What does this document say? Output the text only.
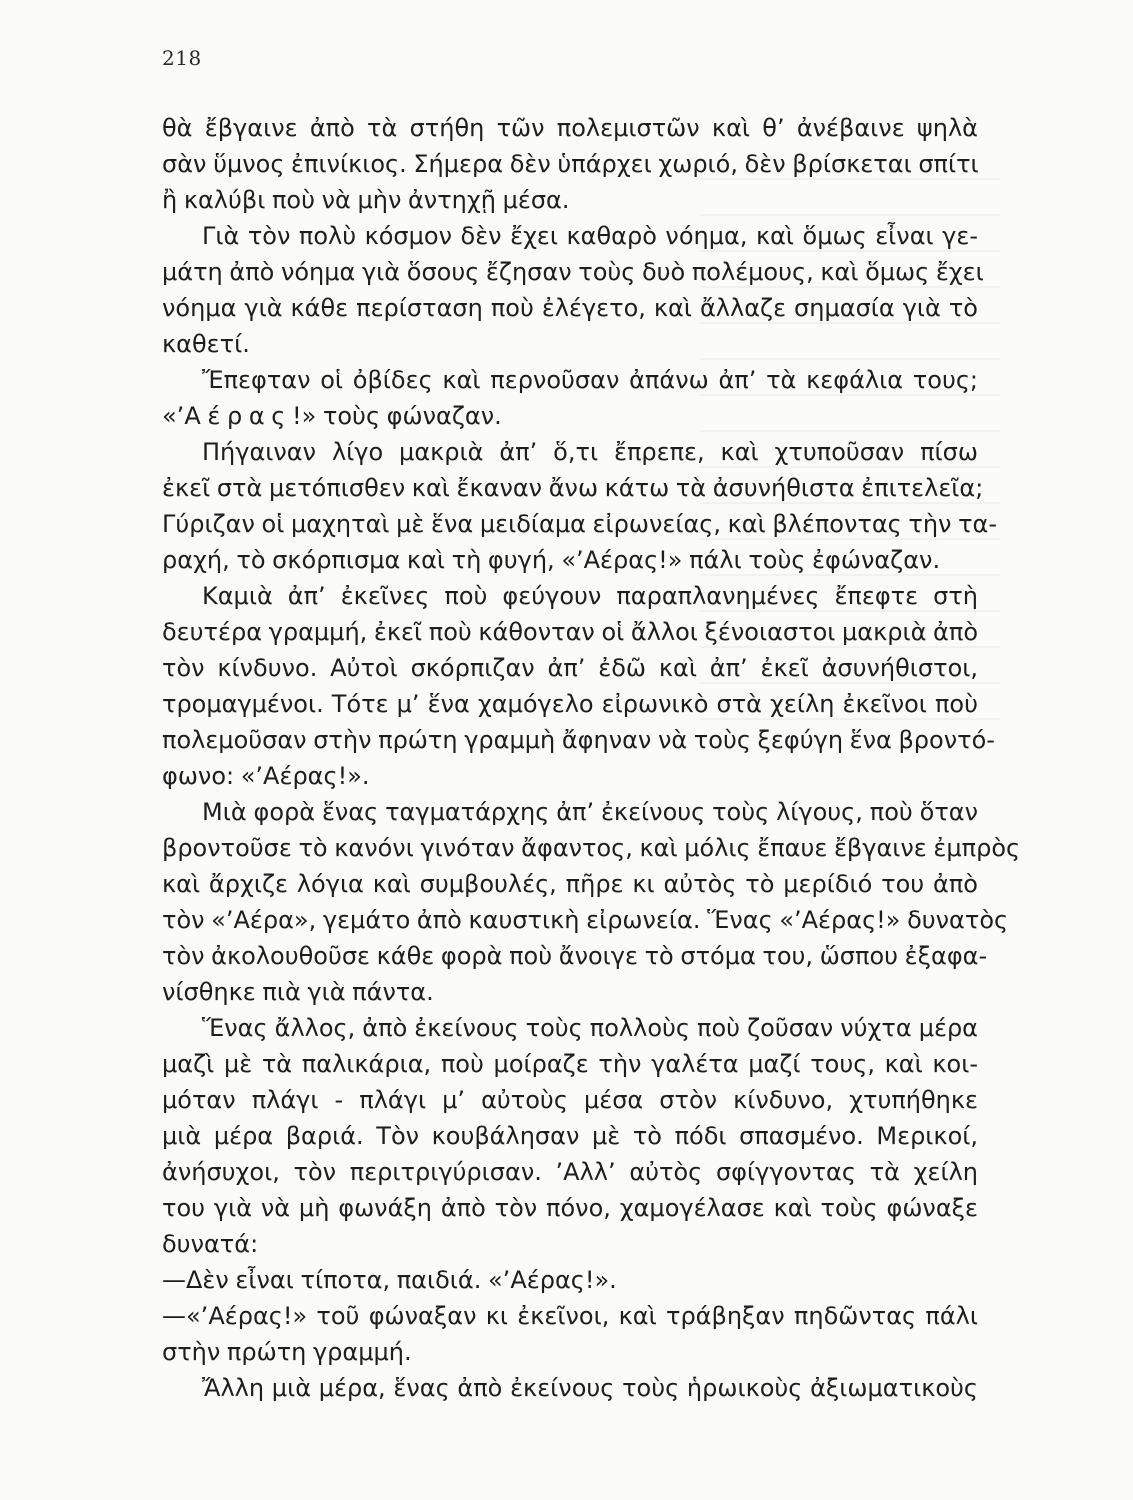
218
θὰ ἔβγαινε ἀπὸ τὰ στήθη τῶν πολεμιστῶν καὶ θ’ ἀνέβαινε ψηλὰ
σὰν ὕμνος ἐπινίκιος. Σήμερα δὲν ὑπάρχει χωριό, δὲν βρίσκεται σπίτι
ἢ καλύβι ποὺ νὰ μὴν ἀντηχῇ μέσα.
Γιὰ τὸν πολὺ κόσμον δὲν ἔχει καθαρὸ νόημα, καὶ ὅμως εἶναι γε-
μάτη ἀπὸ νόημα γιὰ ὅσους ἔζησαν τοὺς δυὸ πολέμους, καὶ ὅμως ἔχει
νόημα γιὰ κάθε περίσταση ποὺ ἐλέγετο, καὶ ἄλλαζε σημασία γιὰ τὸ
καθετί.
Ἔπεφταν οἱ ὀβίδες καὶ περνοῦσαν ἀπάνω ἀπ’ τὰ κεφάλια τους;
«’Α έ ρ α ς !» τοὺς φώναζαν.
Πήγαιναν λίγο μακριὰ ἀπ’ ὅ,τι ἔπρεπε, καὶ χτυποῦσαν πίσω
ἐκεῖ στὰ μετόπισθεν καὶ ἔκαναν ἄνω κάτω τὰ ἀσυνήθιστα ἐπιτελεῖα;
Γύριζαν οἱ μαχηταὶ μὲ ἕνα μειδίαμα εἰρωνείας, καὶ βλέποντας τὴν τα-
ραχή, τὸ σκόρπισμα καὶ τὴ φυγή, «’Αέρας!» πάλι τοὺς ἐφώναζαν.
Καμιὰ ἀπ’ ἐκεῖνες ποὺ φεύγουν παραπλανημένες ἔπεφτε στὴ
δευτέρα γραμμή, ἐκεῖ ποὺ κάθονταν οἱ ἄλλοι ξένοιαστοι μακριὰ ἀπὸ
τὸν κίνδυνο. Αὐτοὶ σκόρπιζαν ἀπ’ ἐδῶ καὶ ἀπ’ ἐκεῖ ἀσυνήθιστοι,
τρομαγμένοι. Τότε μ’ ἕνα χαμόγελο εἰρωνικὸ στὰ χείλη ἐκεῖνοι ποὺ
πολεμοῦσαν στὴν πρώτη γραμμὴ ἄφηναν νὰ τοὺς ξεφύγη ἕνα βροντό-
φωνο: «’Αέρας!».
Μιὰ φορὰ ἕνας ταγματάρχης ἀπ’ ἐκείνους τοὺς λίγους, ποὺ ὅταν
βροντοῦσε τὸ κανόνι γινόταν ἄφαντος, καὶ μόλις ἔπαυε ἔβγαινε ἐμπρὸς
καὶ ἄρχιζε λόγια καὶ συμβουλές, πῆρε κι αὐτὸς τὸ μερίδιό του ἀπὸ
τὸν «’Αέρα», γεμάτο ἀπὸ καυστικὴ εἰρωνεία. Ἕνας «’Αέρας!» δυνατὸς
τὸν ἀκολουθοῦσε κάθε φορὰ ποὺ ἄνοιγε τὸ στόμα του, ὥσπου ἐξαφα-
νίσθηκε πιὰ γιὰ πάντα.
Ἕνας ἄλλος, ἀπὸ ἐκείνους τοὺς πολλοὺς ποὺ ζοῦσαν νύχτα μέρα
μαζὶ μὲ τὰ παλικάρια, ποὺ μοίραζε τὴν γαλέτα μαζί τους, καὶ κοι-
μόταν πλάγι - πλάγι μ’ αὐτοὺς μέσα στὸν κίνδυνο, χτυπήθηκε
μιὰ μέρα βαριά. Τὸν κουβάλησαν μὲ τὸ πόδι σπασμένο. Μερικοί,
ἀνήσυχοι, τὸν περιτριγύρισαν. ’Αλλ’ αὐτὸς σφίγγοντας τὰ χείλη
του γιὰ νὰ μὴ φωνάξη ἀπὸ τὸν πόνο, χαμογέλασε καὶ τοὺς φώναξε
δυνατά:
—Δὲν εἶναι τίποτα, παιδιά. «’Αέρας!».
—«’Αέρας!» τοῦ φώναξαν κι ἐκεῖνοι, καὶ τράβηξαν πηδῶντας πάλι
στὴν πρώτη γραμμή.
Ἄλλη μιὰ μέρα, ἕνας ἀπὸ ἐκείνους τοὺς ἡρωικοὺς ἀξιωματικοὺς
